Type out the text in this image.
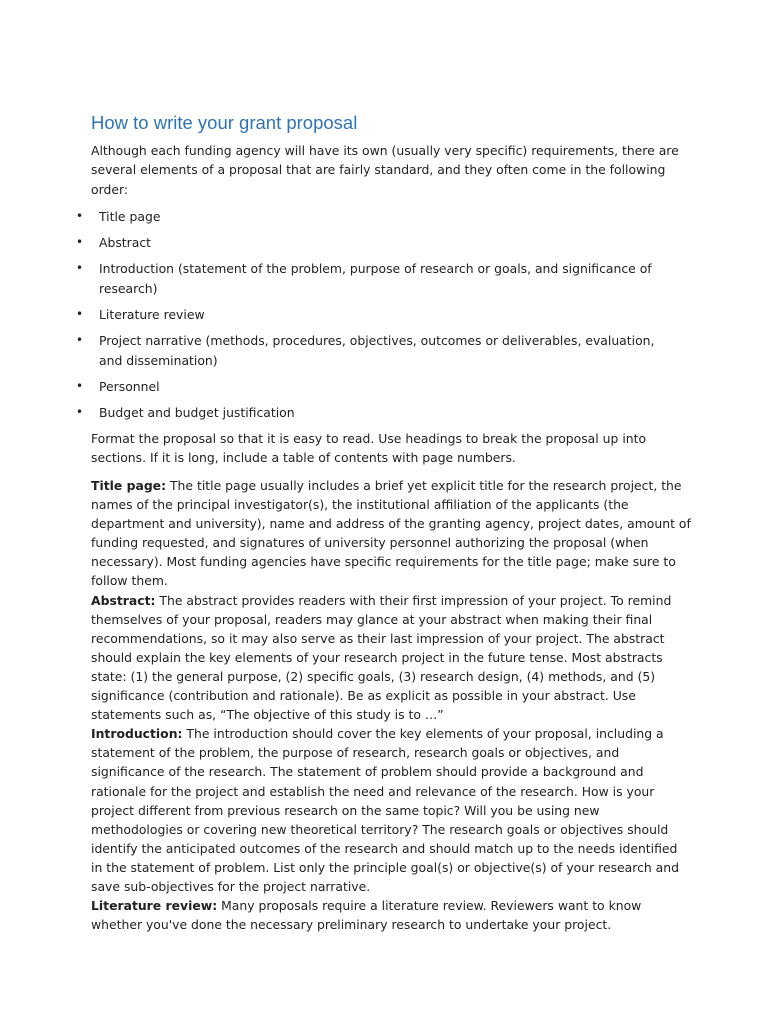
How to write your grant proposal

Although each funding agency will have its own (usually very specific) requirements, there are several elements of a proposal that are fairly standard, and they often come in the following order:

• Title page
• Abstract
• Introduction (statement of the problem, purpose of research or goals, and significance of research)
• Literature review
• Project narrative (methods, procedures, objectives, outcomes or deliverables, evaluation, and dissemination)
• Personnel
• Budget and budget justification

Format the proposal so that it is easy to read. Use headings to break the proposal up into sections. If it is long, include a table of contents with page numbers.

Title page: The title page usually includes a brief yet explicit title for the research project, the names of the principal investigator(s), the institutional affiliation of the applicants (the department and university), name and address of the granting agency, project dates, amount of funding requested, and signatures of university personnel authorizing the proposal (when necessary). Most funding agencies have specific requirements for the title page; make sure to follow them.

Abstract: The abstract provides readers with their first impression of your project. To remind themselves of your proposal, readers may glance at your abstract when making their final recommendations, so it may also serve as their last impression of your project. The abstract should explain the key elements of your research project in the future tense. Most abstracts state: (1) the general purpose, (2) specific goals, (3) research design, (4) methods, and (5) significance (contribution and rationale). Be as explicit as possible in your abstract. Use statements such as, “The objective of this study is to …”

Introduction: The introduction should cover the key elements of your proposal, including a statement of the problem, the purpose of research, research goals or objectives, and significance of the research. The statement of problem should provide a background and rationale for the project and establish the need and relevance of the research. How is your project different from previous research on the same topic? Will you be using new methodologies or covering new theoretical territory? The research goals or objectives should identify the anticipated outcomes of the research and should match up to the needs identified in the statement of problem. List only the principle goal(s) or objective(s) of your research and save sub-objectives for the project narrative.

Literature review: Many proposals require a literature review. Reviewers want to know whether you've done the necessary preliminary research to undertake your project.
